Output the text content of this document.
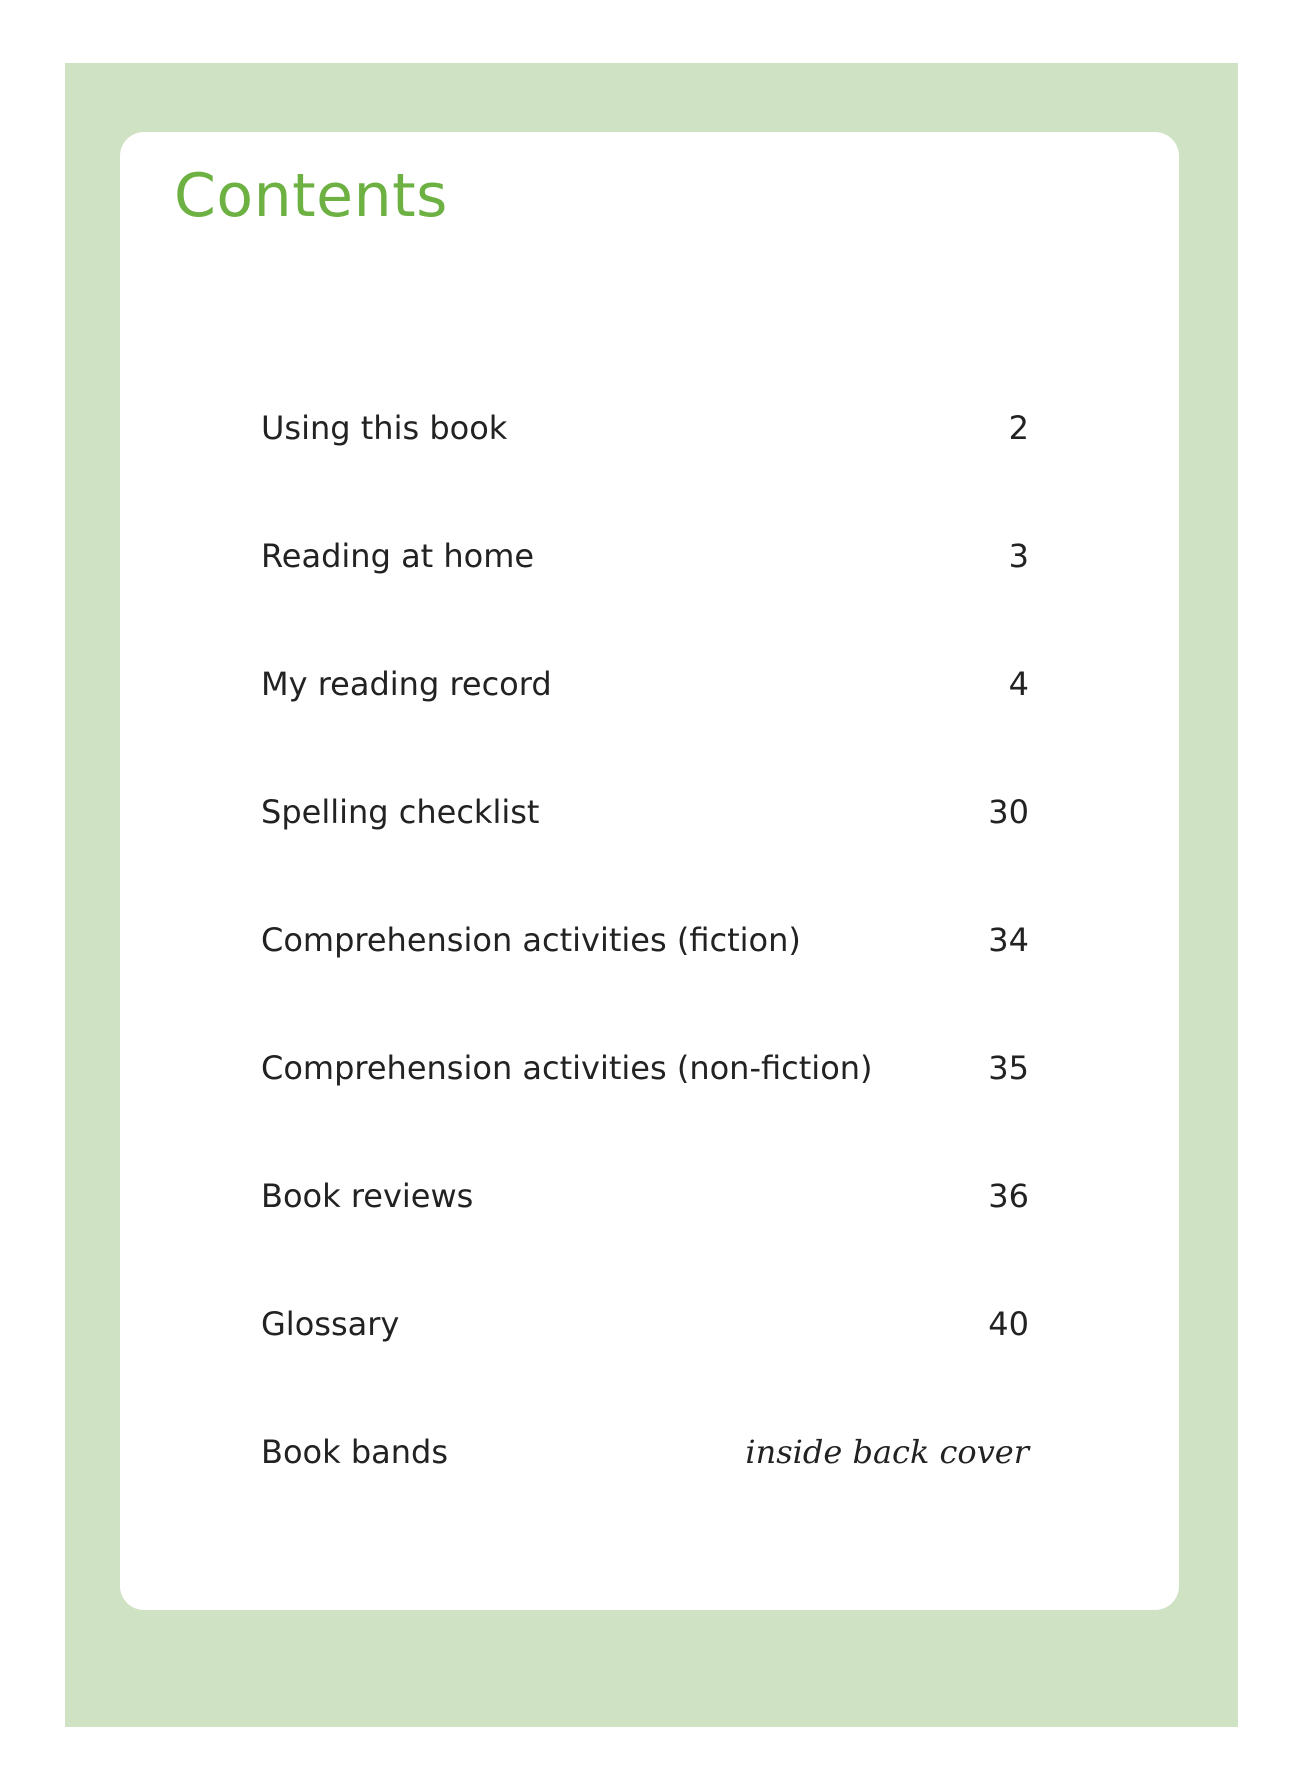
Contents
Using this book	2
Reading at home	3
My reading record	4
Spelling checklist	30
Comprehension activities (fiction)	34
Comprehension activities (non-fiction)	35
Book reviews	36
Glossary	40
Book bands	inside back cover
